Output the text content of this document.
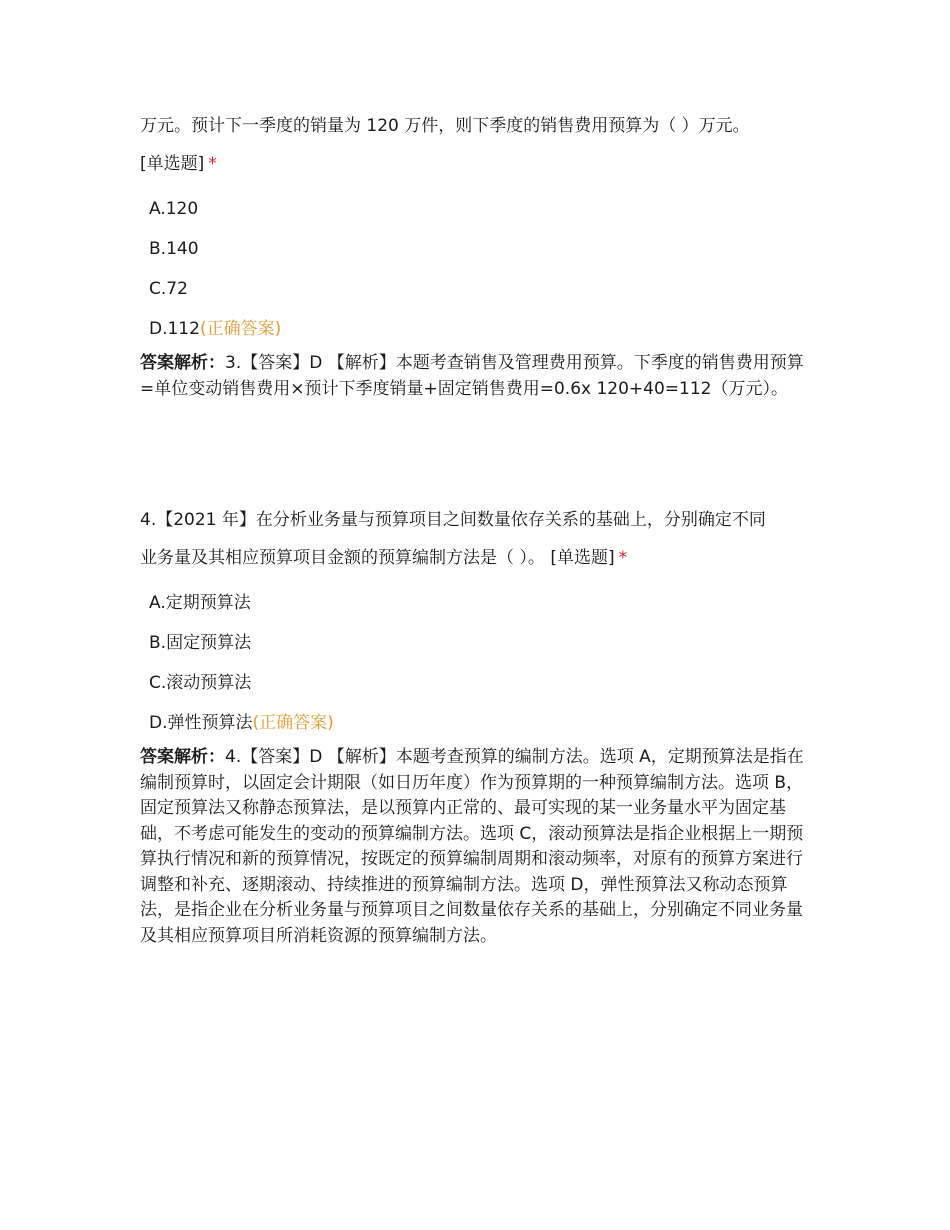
万元。预计下一季度的销量为 120 万件，则下季度的销售费用预算为（ ）万元。

[单选题] *

A.120
B.140
C.72
D.112(正确答案)

答案解析：3.【答案】D 【解析】本题考查销售及管理费用预算。下季度的销售费用预算=单位变动销售费用×预计下季度销量+固定销售费用=0.6x 120+40=112（万元）。

4.【2021 年】在分析业务量与预算项目之间数量依存关系的基础上，分别确定不同

业务量及其相应预算项目金额的预算编制方法是（ ）。 [单选题] *

A.定期预算法
B.固定预算法
C.滚动预算法
D.弹性预算法(正确答案)

答案解析：4.【答案】D 【解析】本题考查预算的编制方法。选项 A，定期预算法是指在编制预算时，以固定会计期限（如日历年度）作为预算期的一种预算编制方法。选项 B，固定预算法又称静态预算法，是以预算内正常的、最可实现的某一业务量水平为固定基础，不考虑可能发生的变动的预算编制方法。选项 C，滚动预算法是指企业根据上一期预算执行情况和新的预算情况，按既定的预算编制周期和滚动频率，对原有的预算方案进行调整和补充、逐期滚动、持续推进的预算编制方法。选项 D，弹性预算法又称动态预算法，是指企业在分析业务量与预算项目之间数量依存关系的基础上，分别确定不同业务量及其相应预算项目所消耗资源的预算编制方法。
